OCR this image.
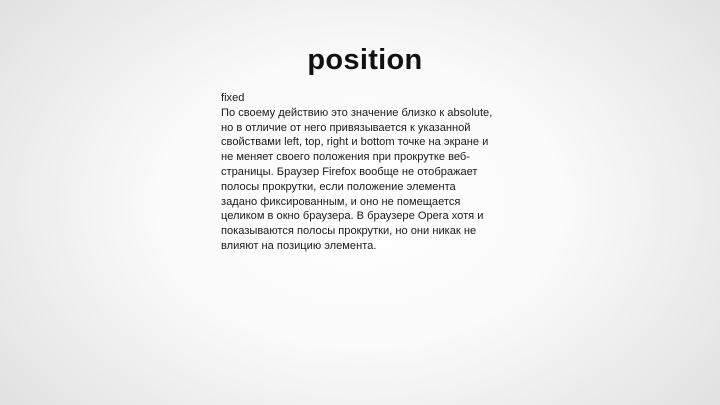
position

fixed

По своему действию это значение близко к absolute, но в отличие от него привязывается к указанной свойствами left, top, right и bottom точке на экране и не меняет своего положения при прокрутке веб-страницы. Браузер Firefox вообще не отображает полосы прокрутки, если положение элемента задано фиксированным, и оно не помещается целиком в окно браузера. В браузере Opera хотя и показываются полосы прокрутки, но они никак не влияют на позицию элемента.
